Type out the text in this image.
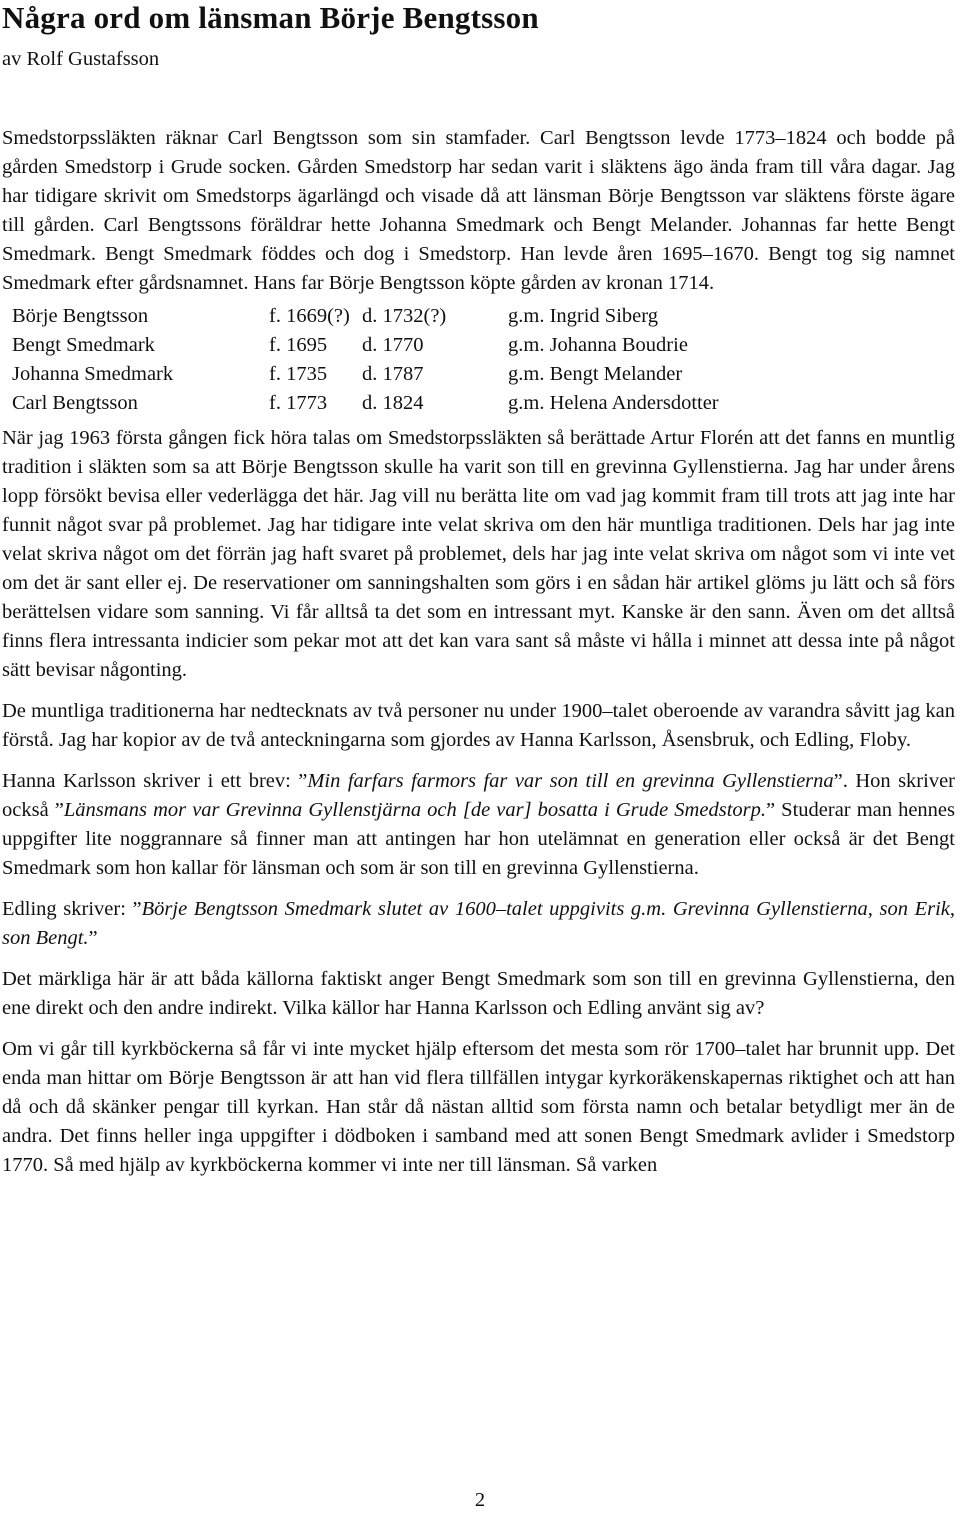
Några ord om länsman Börje Bengtsson
av Rolf Gustafsson

Smedstorpssläkten räknar Carl Bengtsson som sin stamfader. Carl Bengtsson levde 1773–1824 och bodde på gården Smedstorp i Grude socken. Gården Smedstorp har sedan varit i släktens ägo ända fram till våra dagar. Jag har tidigare skrivit om Smedstorps ägarlängd och visade då att länsman Börje Bengtsson var släktens förste ägare till gården. Carl Bengtssons föräldrar hette Johanna Smedmark och Bengt Melander. Johannas far hette Bengt Smedmark. Bengt Smedmark föddes och dog i Smedstorp. Han levde åren 1695–1670. Bengt tog sig namnet Smedmark efter gårdsnamnet. Hans far Börje Bengtsson köpte gården av kronan 1714.

Börje Bengtsson	f. 1669(?)	d. 1732(?)	g.m. Ingrid Siberg
Bengt Smedmark	f. 1695	d. 1770	g.m. Johanna Boudrie
Johanna Smedmark	f. 1735	d. 1787	g.m. Bengt Melander
Carl Bengtsson	f. 1773	d. 1824	g.m. Helena Andersdotter

När jag 1963 första gången fick höra talas om Smedstorpssläkten så berättade Artur Florén att det fanns en muntlig tradition i släkten som sa att Börje Bengtsson skulle ha varit son till en grevinna Gyllenstierna. Jag har under årens lopp försökt bevisa eller vederlägga det här. Jag vill nu berätta lite om vad jag kommit fram till trots att jag inte har funnit något svar på problemet. Jag har tidigare inte velat skriva om den här muntliga traditionen. Dels har jag inte velat skriva något om det förrän jag haft svaret på problemet, dels har jag inte velat skriva om något som vi inte vet om det är sant eller ej. De reservationer om sanningshalten som görs i en sådan här artikel glöms ju lätt och så förs berättelsen vidare som sanning. Vi får alltså ta det som en intressant myt. Kanske är den sann. Även om det alltså finns flera intressanta indicier som pekar mot att det kan vara sant så måste vi hålla i minnet att dessa inte på något sätt bevisar någonting.

De muntliga traditionerna har nedtecknats av två personer nu under 1900–talet oberoende av varandra såvitt jag kan förstå. Jag har kopior av de två anteckningarna som gjordes av Hanna Karlsson, Åsensbruk, och Edling, Floby.

Hanna Karlsson skriver i ett brev: ”Min farfars farmors far var son till en grevinna Gyllenstierna”. Hon skriver också ”Länsmans mor var Grevinna Gyllenstjärna och [de var] bosatta i Grude Smedstorp.” Studerar man hennes uppgifter lite noggrannare så finner man att antingen har hon utelämnat en generation eller också är det Bengt Smedmark som hon kallar för länsman och som är son till en grevinna Gyllenstierna.

Edling skriver: ”Börje Bengtsson Smedmark slutet av 1600–talet uppgivits g.m. Grevinna Gyllenstierna, son Erik, son Bengt.”

Det märkliga här är att båda källorna faktiskt anger Bengt Smedmark som son till en grevinna Gyllenstierna, den ene direkt och den andre indirekt. Vilka källor har Hanna Karlsson och Edling använt sig av?

Om vi går till kyrkböckerna så får vi inte mycket hjälp eftersom det mesta som rör 1700–talet har brunnit upp. Det enda man hittar om Börje Bengtsson är att han vid flera tillfällen intygar kyrkoräkenskapernas riktighet och att han då och då skänker pengar till kyrkan. Han står då nästan alltid som första namn och betalar betydligt mer än de andra. Det finns heller inga uppgifter i dödboken i samband med att sonen Bengt Smedmark avlider i Smedstorp 1770. Så med hjälp av kyrkböckerna kommer vi inte ner till länsman. Så varken

2
